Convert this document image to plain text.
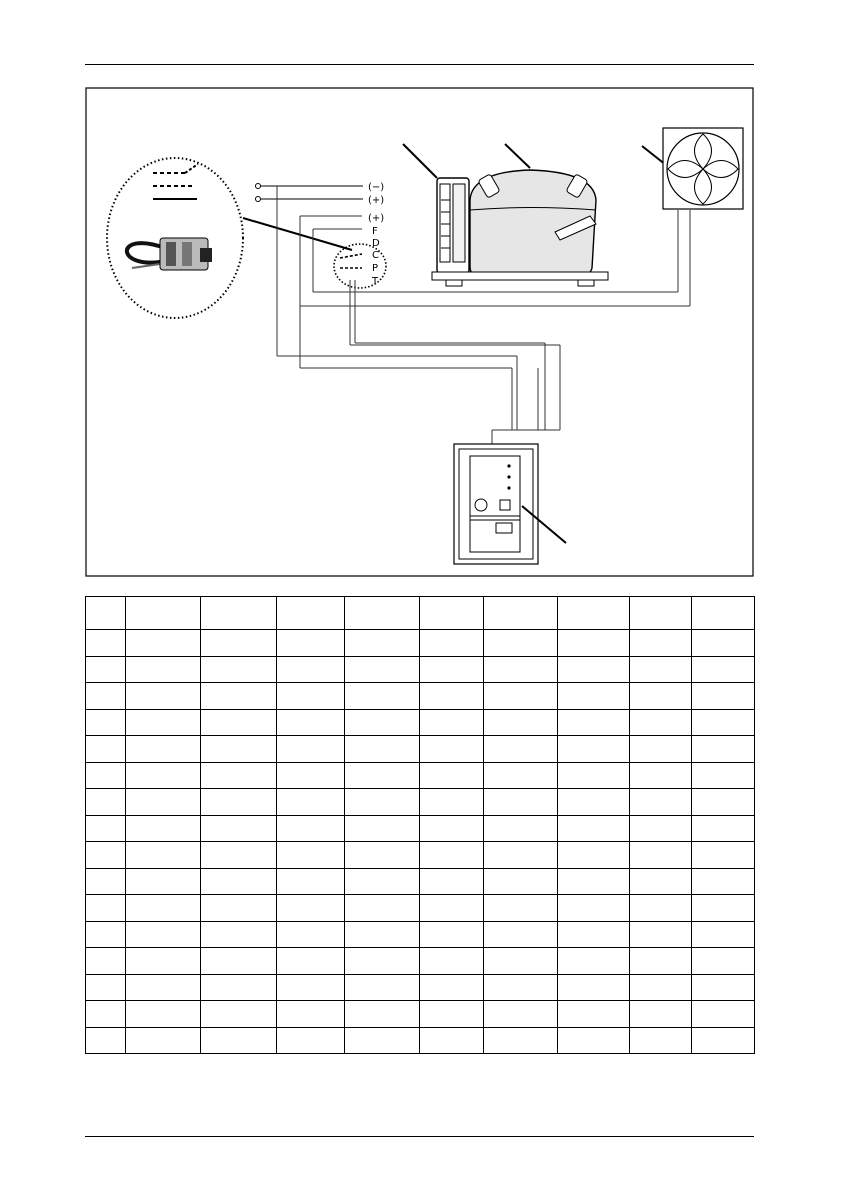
(−)
(+)
(+)
F
D
C
P
T
